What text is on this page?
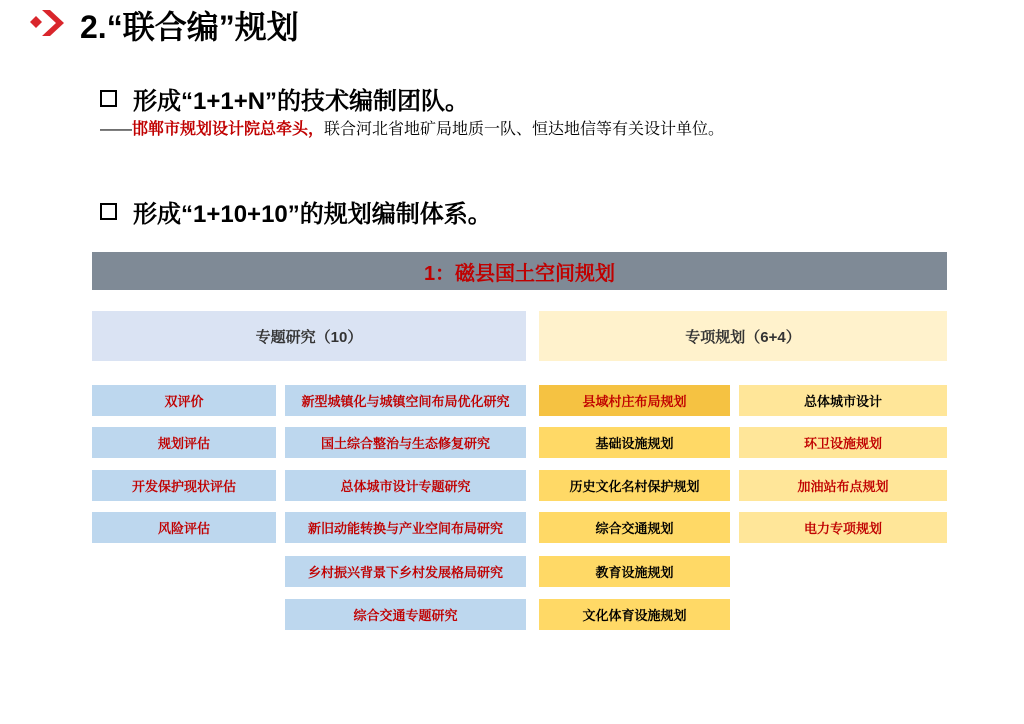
2.“联合编”规划
形成“1+1+N”的技术编制团队。
——邯郸市规划设计院总牵头，联合河北省地矿局地质一队、恒达地信等有关设计单位。
形成“1+10+10”的规划编制体系。
1：磁县国土空间规划
专题研究（10）	专项规划（6+4）
双评价
规划评估
开发保护现状评估
风险评估
新型城镇化与城镇空间布局优化研究
国土综合整治与生态修复研究
总体城市设计专题研究
新旧动能转换与产业空间布局研究
乡村振兴背景下乡村发展格局研究
综合交通专题研究
县域村庄布局规划
基础设施规划
历史文化名村保护规划
综合交通规划
教育设施规划
文化体育设施规划
总体城市设计
环卫设施规划
加油站布点规划
电力专项规划
